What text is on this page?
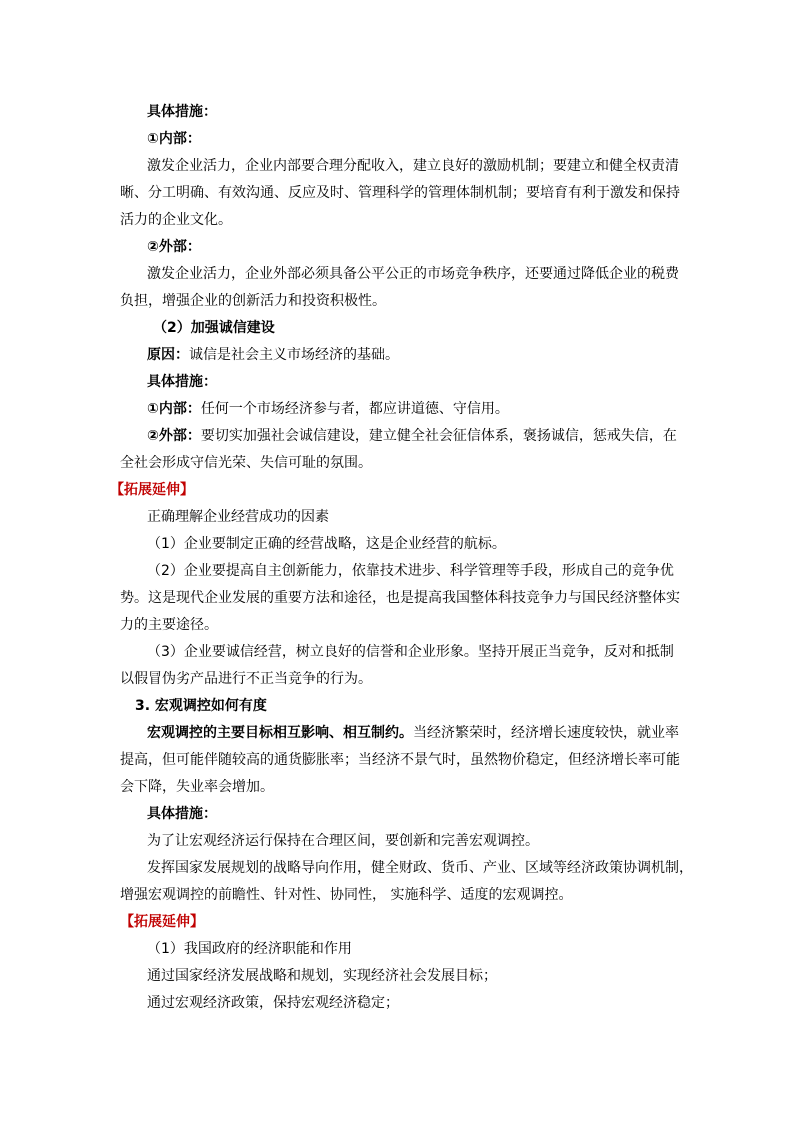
具体措施：
①内部：
激发企业活力，企业内部要合理分配收入，建立良好的激励机制；要建立和健全权责清
晰、分工明确、有效沟通、反应及时、管理科学的管理体制机制；要培育有利于激发和保持
活力的企业文化。
②外部：
激发企业活力，企业外部必须具备公平公正的市场竞争秩序，还要通过降低企业的税费
负担，增强企业的创新活力和投资积极性。
（2）加强诚信建设
原因：诚信是社会主义市场经济的基础。
具体措施：
①内部：任何一个市场经济参与者，都应讲道德、守信用。
②外部：要切实加强社会诚信建设，建立健全社会征信体系，褒扬诚信，惩戒失信，在
全社会形成守信光荣、失信可耻的氛围。
【拓展延伸】
正确理解企业经营成功的因素
（1）企业要制定正确的经营战略，这是企业经营的航标。
（2）企业要提高自主创新能力，依靠技术进步、科学管理等手段，形成自己的竞争优
势。这是现代企业发展的重要方法和途径，也是提高我国整体科技竞争力与国民经济整体实
力的主要途径。
（3）企业要诚信经营，树立良好的信誉和企业形象。坚持开展正当竞争，反对和抵制
以假冒伪劣产品进行不正当竞争的行为。
3. 宏观调控如何有度
宏观调控的主要目标相互影响、相互制约。当经济繁荣时，经济增长速度较快，就业率
提高，但可能伴随较高的通货膨胀率；当经济不景气时，虽然物价稳定，但经济增长率可能
会下降，失业率会增加。
具体措施：
为了让宏观经济运行保持在合理区间，要创新和完善宏观调控。
发挥国家发展规划的战略导向作用，健全财政、货币、产业、区域等经济政策协调机制，
增强宏观调控的前瞻性、针对性、协同性， 实施科学、适度的宏观调控。
【拓展延伸】
（1）我国政府的经济职能和作用
通过国家经济发展战略和规划，实现经济社会发展目标；
通过宏观经济政策，保持宏观经济稳定；
